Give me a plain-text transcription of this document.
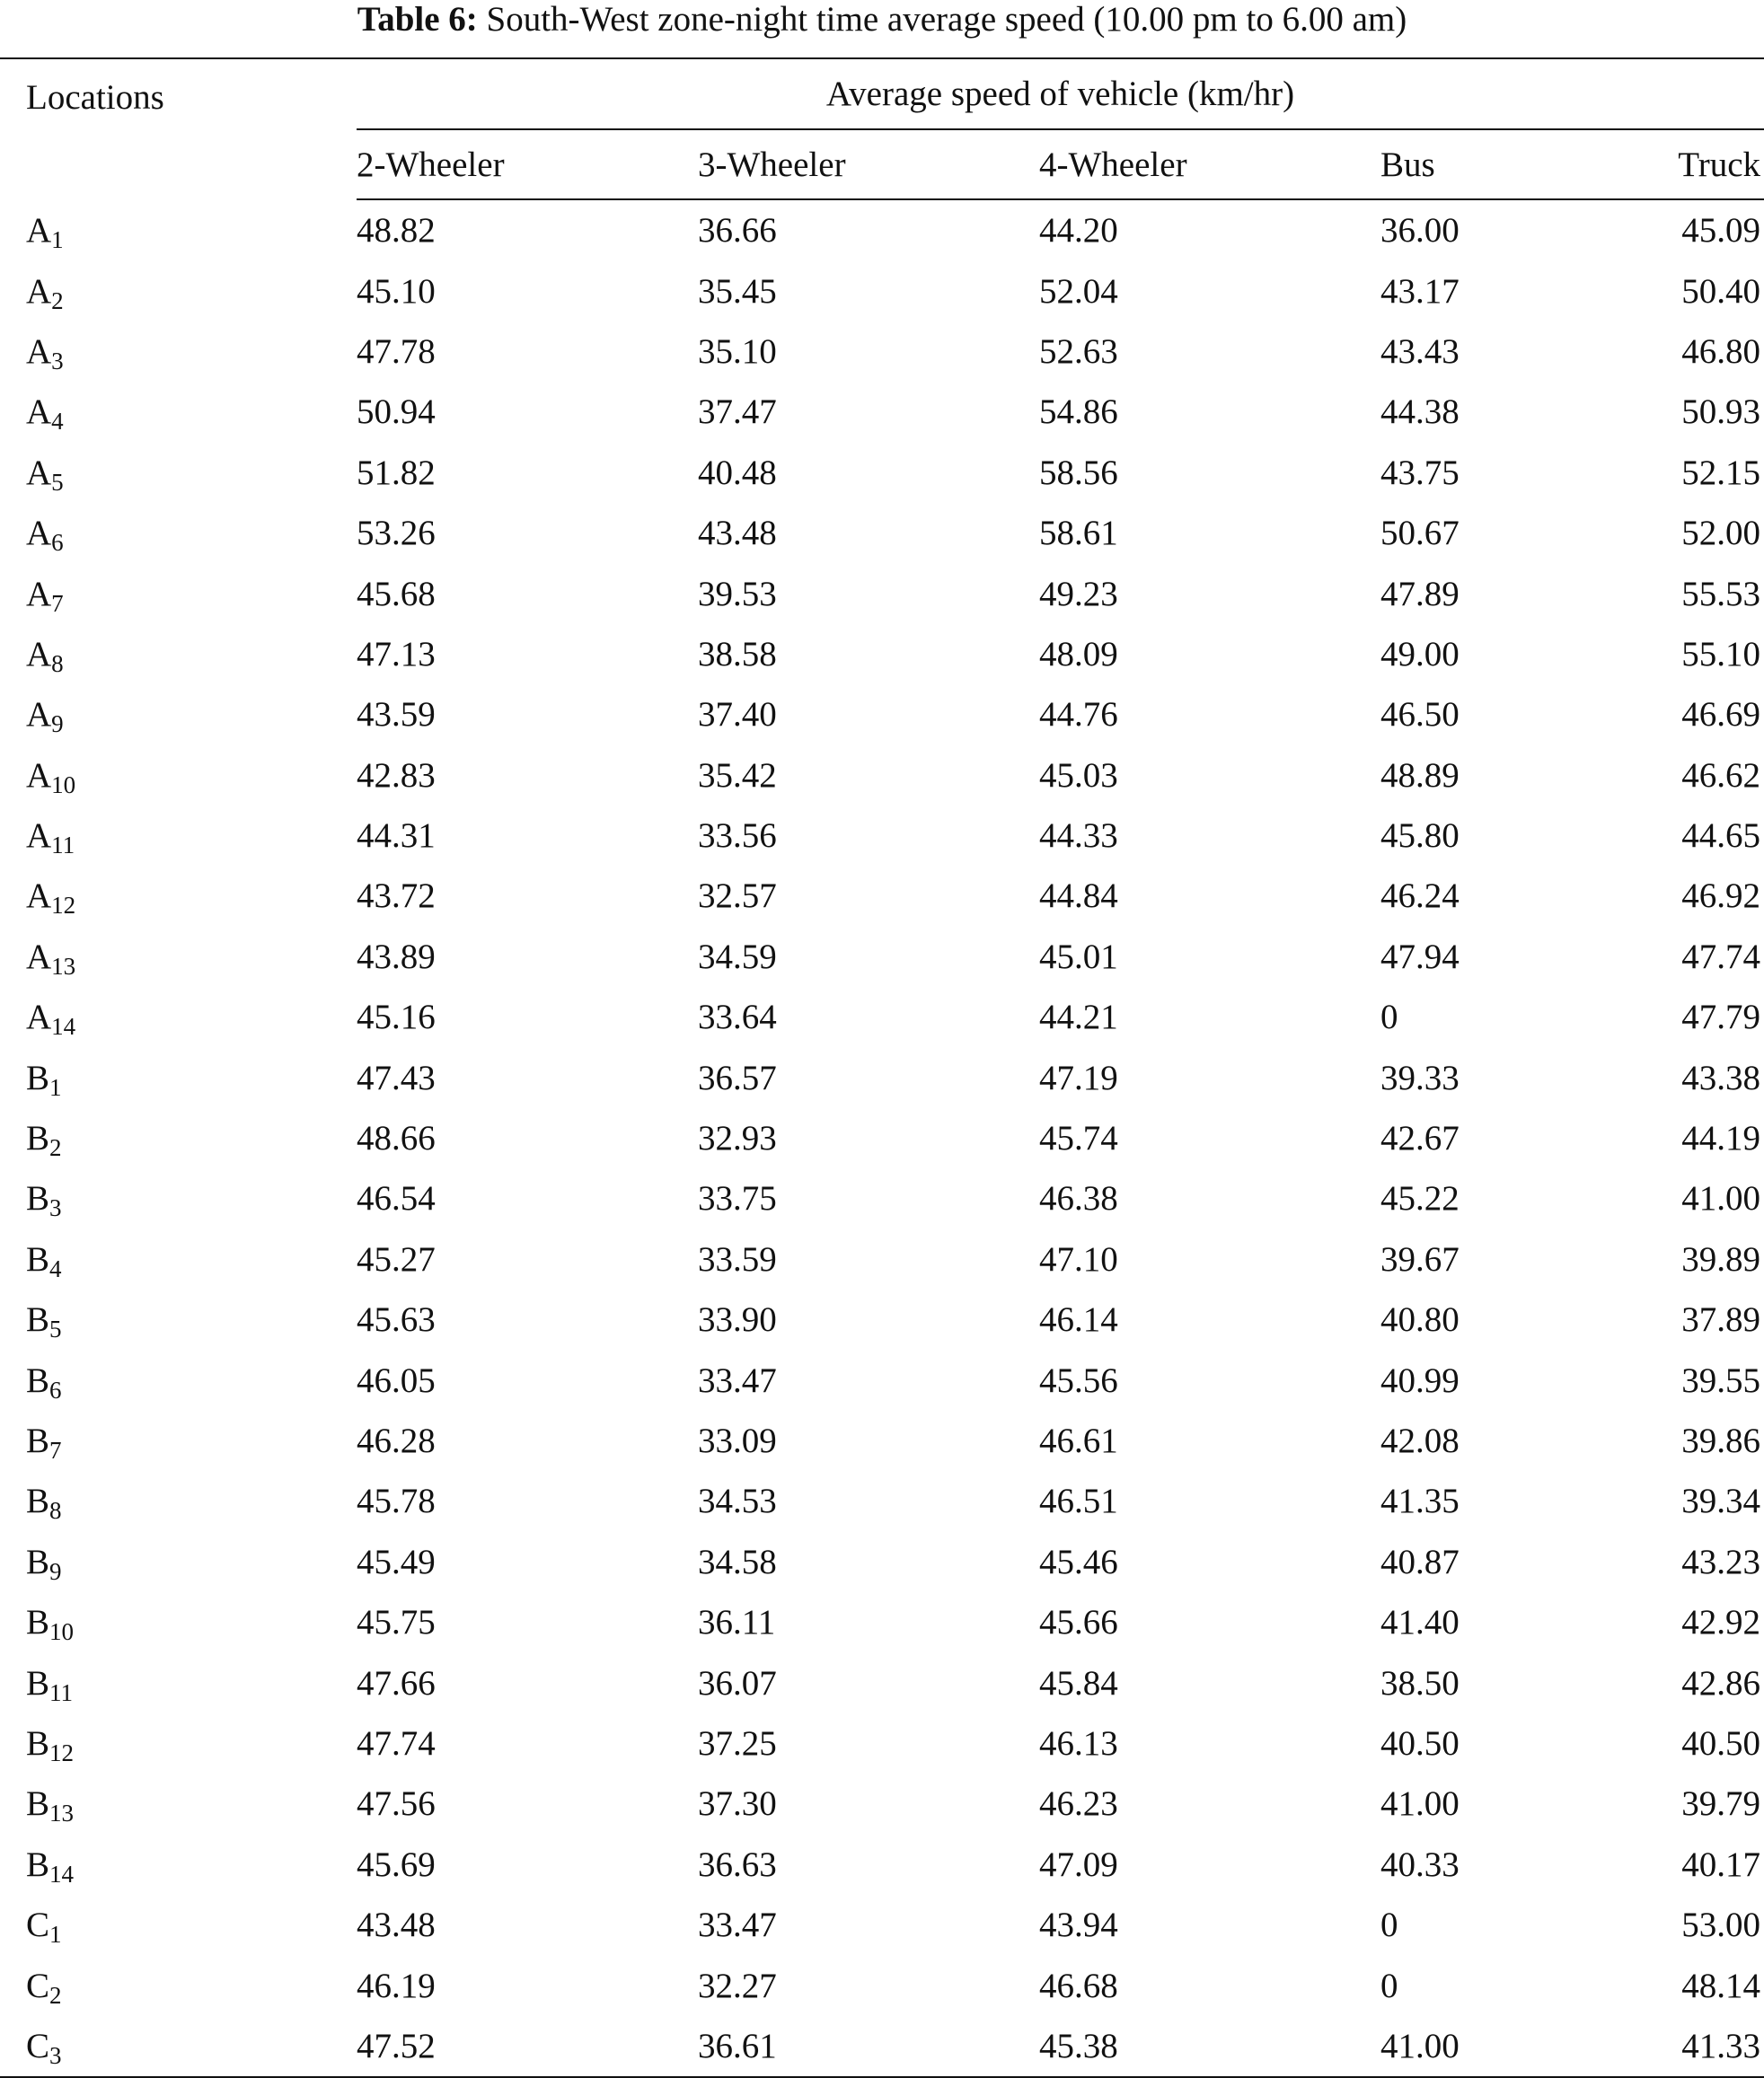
Table 6: South-West zone-night time average speed (10.00 pm to 6.00 am)
Locations	Average speed of vehicle (km/hr)				
	2-Wheeler	3-Wheeler	4-Wheeler	Bus	Truck
$A_1$	48.82	36.66	44.20	36.00	45.09
$A_2$	45.10	35.45	52.04	43.17	50.40
$A_3$	47.78	35.10	52.63	43.43	46.80
$A_4$	50.94	37.47	54.86	44.38	50.93
$A_5$	51.82	40.48	58.56	43.75	52.15
$A_6$	53.26	43.48	58.61	50.67	52.00
$A_7$	45.68	39.53	49.23	47.89	55.53
$A_8$	47.13	38.58	48.09	49.00	55.10
$A_9$	43.59	37.40	44.76	46.50	46.69
$A_{10}$	42.83	35.42	45.03	48.89	46.62
$A_{11}$	44.31	33.56	44.33	45.80	44.65
$A_{12}$	43.72	32.57	44.84	46.24	46.92
$A_{13}$	43.89	34.59	45.01	47.94	47.74
$A_{14}$	45.16	33.64	44.21	0	47.79
$B_1$	47.43	36.57	47.19	39.33	43.38
$B_2$	48.66	32.93	45.74	42.67	44.19
$B_3$	46.54	33.75	46.38	45.22	41.00
$B_4$	45.27	33.59	47.10	39.67	39.89
$B_5$	45.63	33.90	46.14	40.80	37.89
$B_6$	46.05	33.47	45.56	40.99	39.55
$B_7$	46.28	33.09	46.61	42.08	39.86
$B_8$	45.78	34.53	46.51	41.35	39.34
$B_9$	45.49	34.58	45.46	40.87	43.23
$B_{10}$	45.75	36.11	45.66	41.40	42.92
$B_{11}$	47.66	36.07	45.84	38.50	42.86
$B_{12}$	47.74	37.25	46.13	40.50	40.50
$B_{13}$	47.56	37.30	46.23	41.00	39.79
$B_{14}$	45.69	36.63	47.09	40.33	40.17
$C_1$	43.48	33.47	43.94	0	53.00
$C_2$	46.19	32.27	46.68	0	48.14
$C_3$	47.52	36.61	45.38	41.00	41.33
